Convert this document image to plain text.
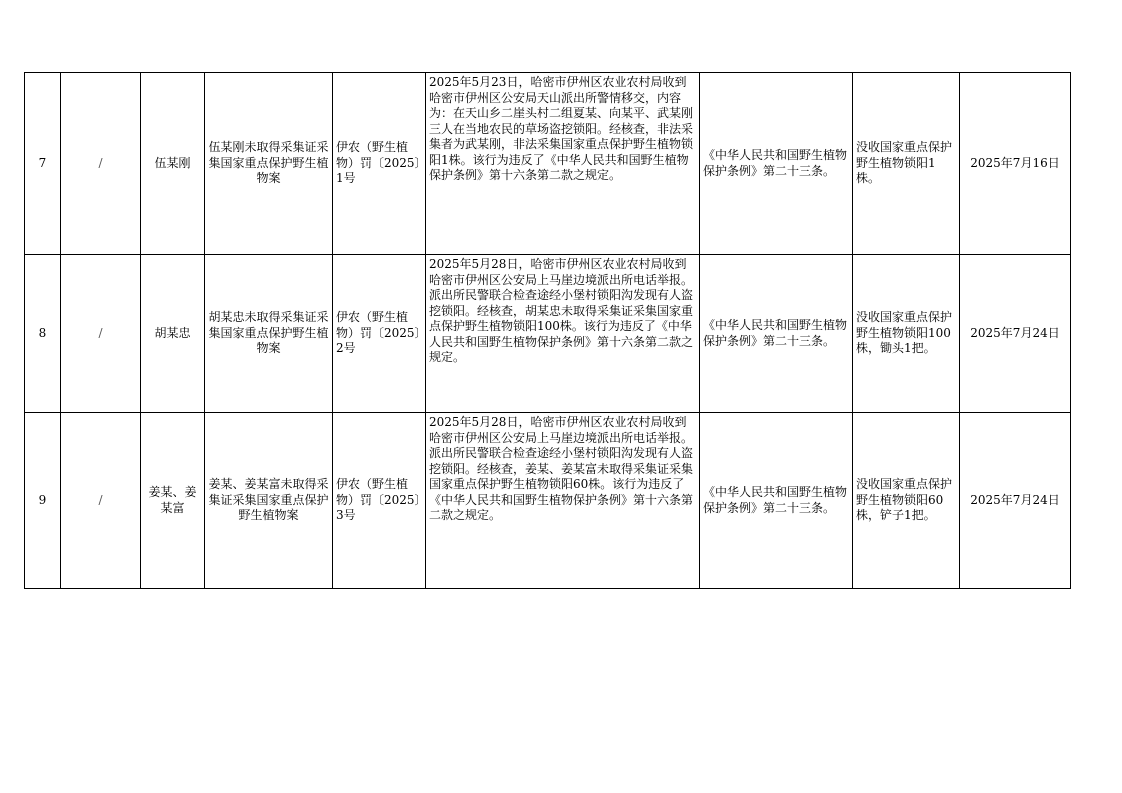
7	/	伍某刚	伍某刚未取得采集证采集国家重点保护野生植物案	伊农（野生植物）罚〔2025〕1号	2025年5月23日，哈密市伊州区农业农村局收到哈密市伊州区公安局天山派出所警情移交，内容为：在天山乡二崖头村二组夏某、向某平、武某刚三人在当地农民的草场盗挖锁阳。经核查，非法采集者为武某刚，非法采集国家重点保护野生植物锁阳1株。该行为违反了《中华人民共和国野生植物保护条例》第十六条第二款之规定。	《中华人民共和国野生植物保护条例》第二十三条。	没收国家重点保护野生植物锁阳1株。	2025年7月16日
8	/	胡某忠	胡某忠未取得采集证采集国家重点保护野生植物案	伊农（野生植物）罚〔2025〕2号	2025年5月28日，哈密市伊州区农业农村局收到哈密市伊州区公安局上马崖边境派出所电话举报。派出所民警联合检查途经小堡村锁阳沟发现有人盗挖锁阳。经核查，胡某忠未取得采集证采集国家重点保护野生植物锁阳100株。该行为违反了《中华人民共和国野生植物保护条例》第十六条第二款之规定。	《中华人民共和国野生植物保护条例》第二十三条。	没收国家重点保护野生植物锁阳100株，锄头1把。	2025年7月24日
9	/	姜某、姜某富	姜某、姜某富未取得采集证采集国家重点保护野生植物案	伊农（野生植物）罚〔2025〕3号	2025年5月28日，哈密市伊州区农业农村局收到哈密市伊州区公安局上马崖边境派出所电话举报。派出所民警联合检查途经小堡村锁阳沟发现有人盗挖锁阳。经核查，姜某、姜某富未取得采集证采集国家重点保护野生植物锁阳60株。该行为违反了《中华人民共和国野生植物保护条例》第十六条第二款之规定。	《中华人民共和国野生植物保护条例》第二十三条。	没收国家重点保护野生植物锁阳60株，铲子1把。	2025年7月24日
